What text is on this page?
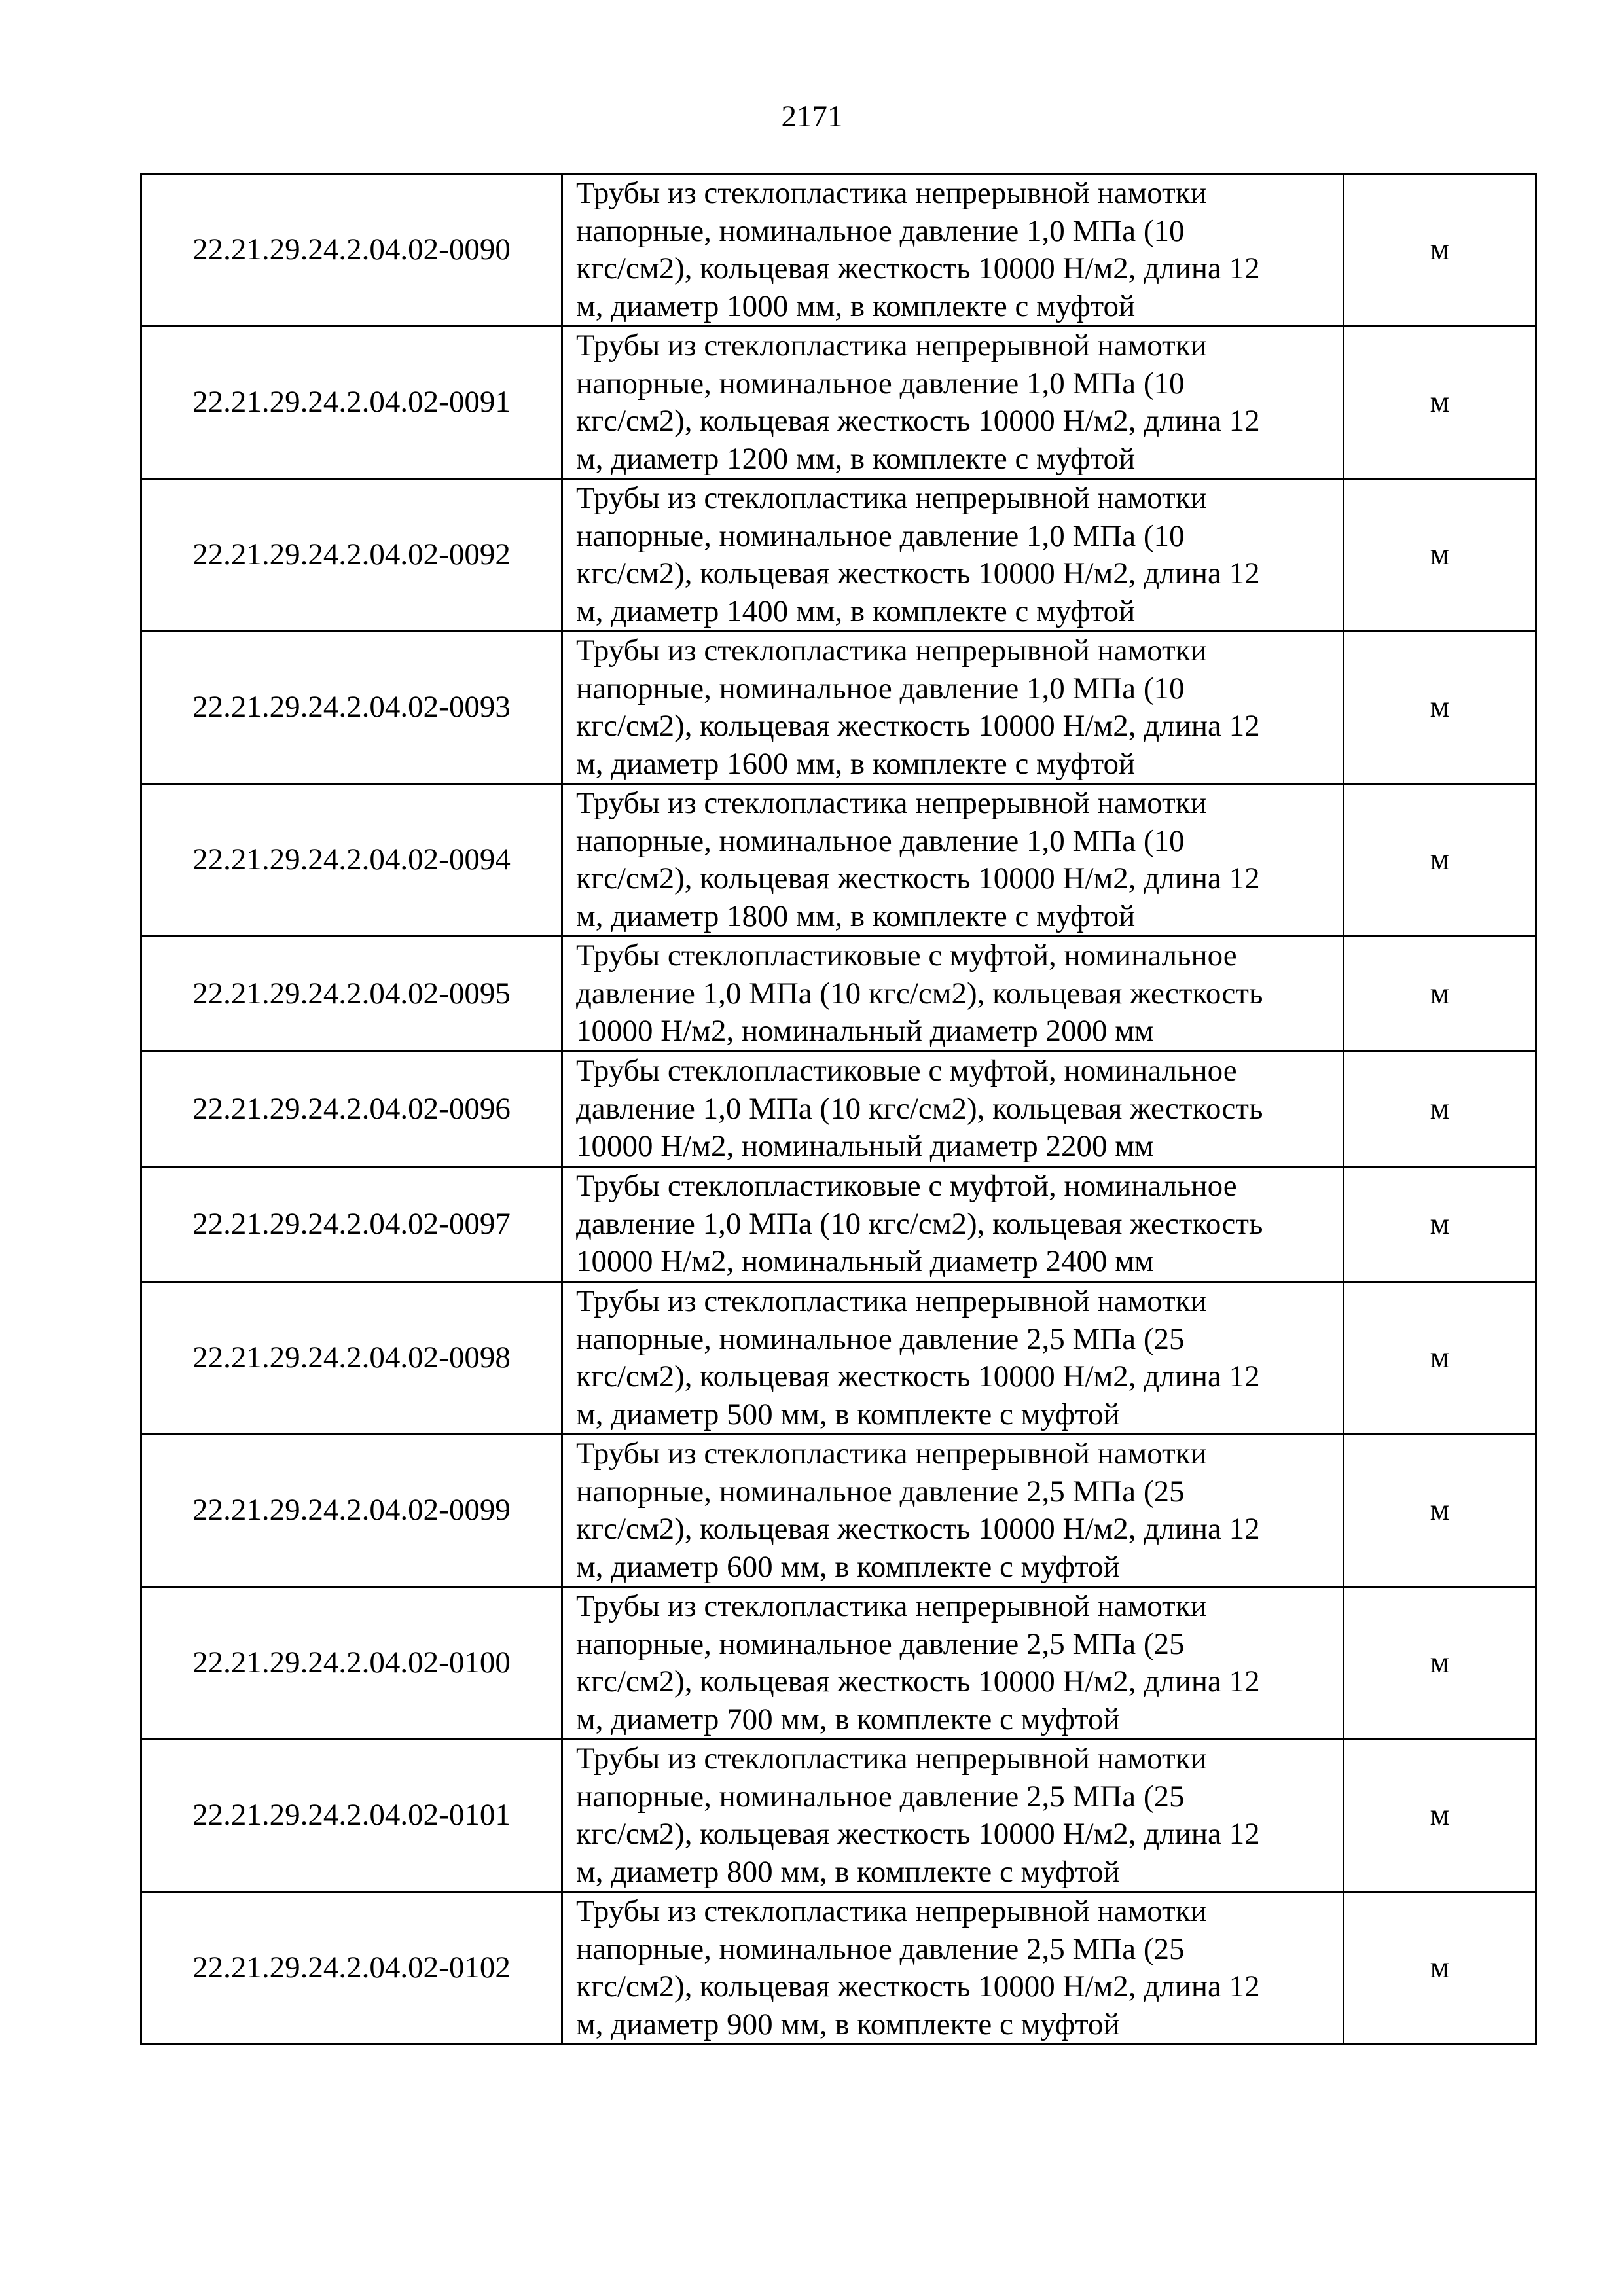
2171
22.21.29.24.2.04.02-0090	Трубы из стеклопластика непрерывной намотки
напорные, номинальное давление 1,0 МПа (10
кгс/см2), кольцевая жесткость 10000 Н/м2, длина 12
м, диаметр 1000 мм, в комплекте с муфтой	м
22.21.29.24.2.04.02-0091	Трубы из стеклопластика непрерывной намотки
напорные, номинальное давление 1,0 МПа (10
кгс/см2), кольцевая жесткость 10000 Н/м2, длина 12
м, диаметр 1200 мм, в комплекте с муфтой	м
22.21.29.24.2.04.02-0092	Трубы из стеклопластика непрерывной намотки
напорные, номинальное давление 1,0 МПа (10
кгс/см2), кольцевая жесткость 10000 Н/м2, длина 12
м, диаметр 1400 мм, в комплекте с муфтой	м
22.21.29.24.2.04.02-0093	Трубы из стеклопластика непрерывной намотки
напорные, номинальное давление 1,0 МПа (10
кгс/см2), кольцевая жесткость 10000 Н/м2, длина 12
м, диаметр 1600 мм, в комплекте с муфтой	м
22.21.29.24.2.04.02-0094	Трубы из стеклопластика непрерывной намотки
напорные, номинальное давление 1,0 МПа (10
кгс/см2), кольцевая жесткость 10000 Н/м2, длина 12
м, диаметр 1800 мм, в комплекте с муфтой	м
22.21.29.24.2.04.02-0095	Трубы стеклопластиковые с муфтой, номинальное
давление 1,0 МПа (10 кгс/см2), кольцевая жесткость
10000 Н/м2, номинальный диаметр 2000 мм	м
22.21.29.24.2.04.02-0096	Трубы стеклопластиковые с муфтой, номинальное
давление 1,0 МПа (10 кгс/см2), кольцевая жесткость
10000 Н/м2, номинальный диаметр 2200 мм	м
22.21.29.24.2.04.02-0097	Трубы стеклопластиковые с муфтой, номинальное
давление 1,0 МПа (10 кгс/см2), кольцевая жесткость
10000 Н/м2, номинальный диаметр 2400 мм	м
22.21.29.24.2.04.02-0098	Трубы из стеклопластика непрерывной намотки
напорные, номинальное давление 2,5 МПа (25
кгс/см2), кольцевая жесткость 10000 Н/м2, длина 12
м, диаметр 500 мм, в комплекте с муфтой	м
22.21.29.24.2.04.02-0099	Трубы из стеклопластика непрерывной намотки
напорные, номинальное давление 2,5 МПа (25
кгс/см2), кольцевая жесткость 10000 Н/м2, длина 12
м, диаметр 600 мм, в комплекте с муфтой	м
22.21.29.24.2.04.02-0100	Трубы из стеклопластика непрерывной намотки
напорные, номинальное давление 2,5 МПа (25
кгс/см2), кольцевая жесткость 10000 Н/м2, длина 12
м, диаметр 700 мм, в комплекте с муфтой	м
22.21.29.24.2.04.02-0101	Трубы из стеклопластика непрерывной намотки
напорные, номинальное давление 2,5 МПа (25
кгс/см2), кольцевая жесткость 10000 Н/м2, длина 12
м, диаметр 800 мм, в комплекте с муфтой	м
22.21.29.24.2.04.02-0102	Трубы из стеклопластика непрерывной намотки
напорные, номинальное давление 2,5 МПа (25
кгс/см2), кольцевая жесткость 10000 Н/м2, длина 12
м, диаметр 900 мм, в комплекте с муфтой	м
